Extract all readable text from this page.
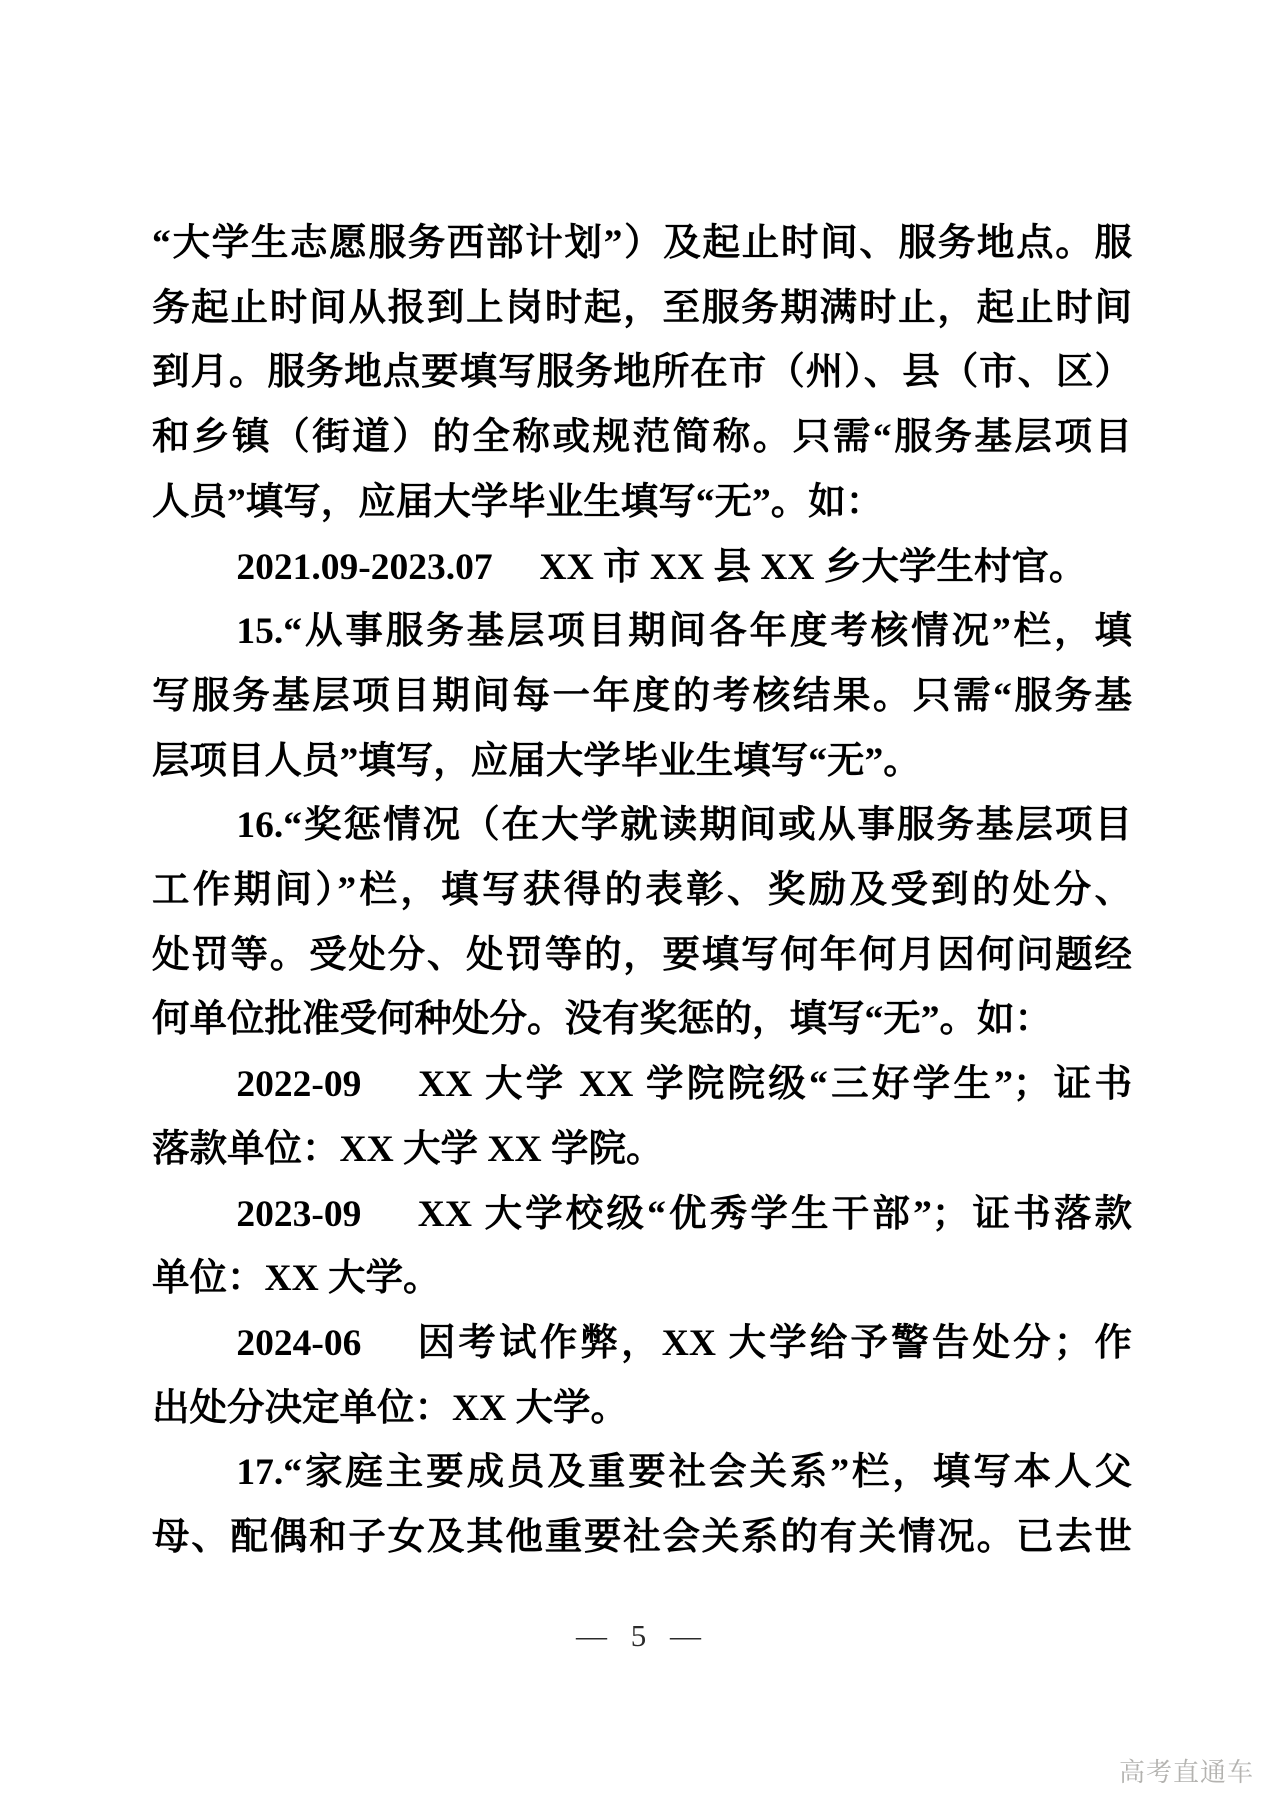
“大学生志愿服务西部计划”）及起止时间、服务地点。服
务起止时间从报到上岗时起，至服务期满时止，起止时间
到月。服务地点要填写服务地所在市（州）、县（市、区）
和乡镇（街道）的全称或规范简称。只需“服务基层项目
人员”填写，应届大学毕业生填写“无”。如：
2021.09-2023.07　 XX 市 XX 县 XX 乡大学生村官。
15.“从事服务基层项目期间各年度考核情况”栏，填
写服务基层项目期间每一年度的考核结果。只需“服务基
层项目人员”填写，应届大学毕业生填写“无”。
16.“奖惩情况（在大学就读期间或从事服务基层项目
工作期间）”栏，填写获得的表彰、奖励及受到的处分、
处罚等。受处分、处罚等的，要填写何年何月因何问题经
何单位批准受何种处分。没有奖惩的，填写“无”。如：
2022-09　 XX 大学 XX 学院院级“三好学生”；证书
落款单位：XX 大学 XX 学院。
2023-09　 XX 大学校级“优秀学生干部”；证书落款
单位：XX 大学。
2024-06　 因考试作弊，XX 大学给予警告处分；作
出处分决定单位：XX 大学。
17.“家庭主要成员及重要社会关系”栏，填写本人父
母、配偶和子女及其他重要社会关系的有关情况。已去世
— 5 —
高考直通车
